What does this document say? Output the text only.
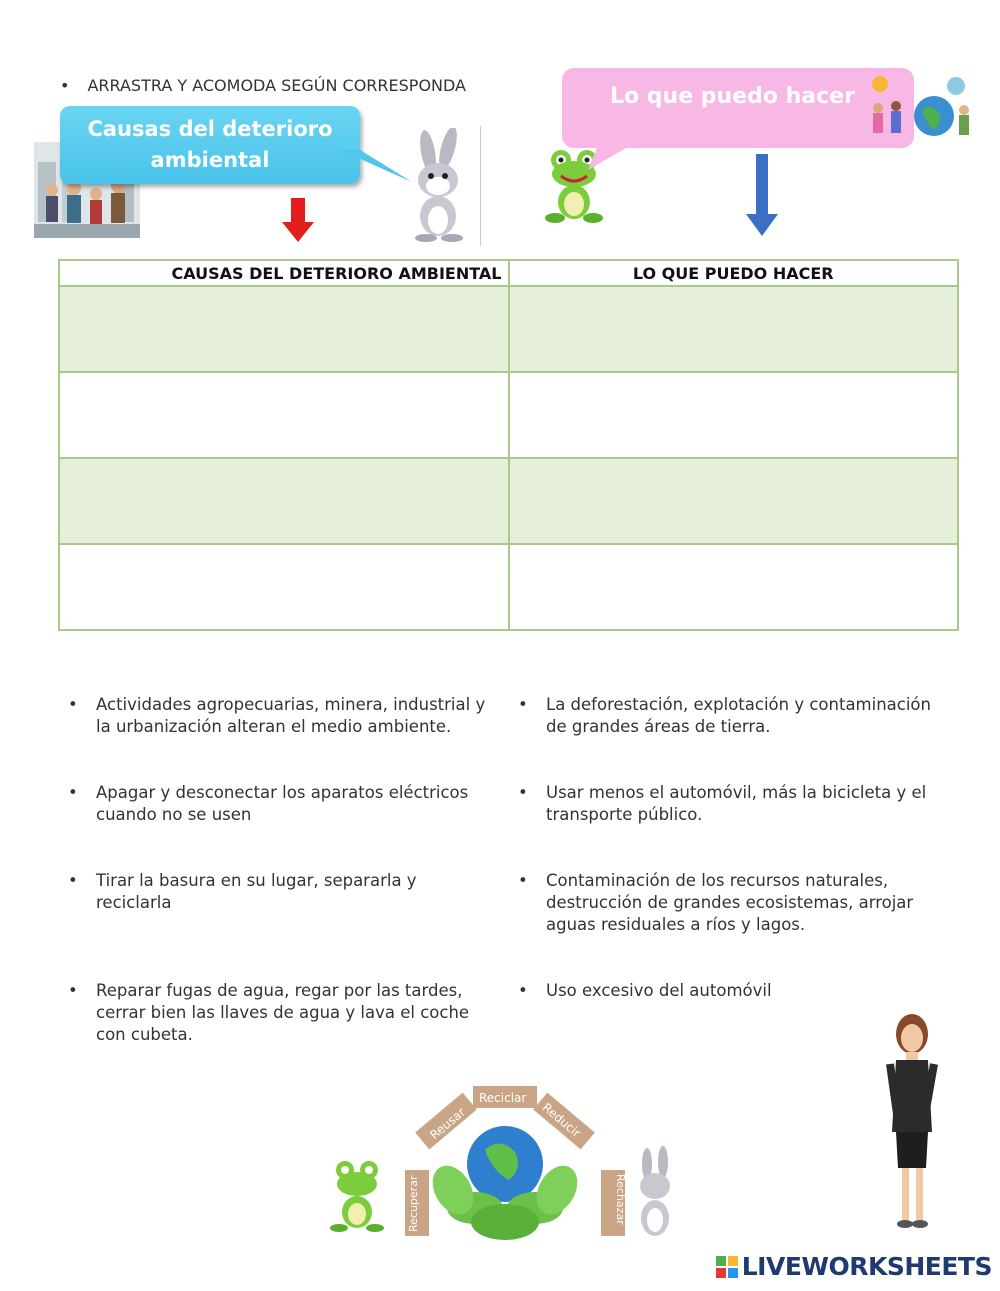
• ARRASTRA Y ACOMODA SEGÚN CORRESPONDA
Causas del deterioro
ambiental
Lo que puedo hacer
CAUSAS DEL DETERIORO AMBIENTAL	LO QUE PUEDO HACER

• Actividades agropecuarias, minera, industrial y la urbanización alteran el medio ambiente.
• La deforestación, explotación y contaminación de grandes áreas de tierra.
• Apagar y desconectar los aparatos eléctricos cuando no se usen
• Usar menos el automóvil, más la bicicleta y el transporte público.
• Tirar la basura en su lugar, separarla y reciclarla
• Contaminación de los recursos naturales, destrucción de grandes ecosistemas, arrojar aguas residuales a ríos y lagos.
• Reparar fugas de agua, regar por las tardes, cerrar bien las llaves de agua y lava el coche con cubeta.
• Uso excesivo del automóvil
Recuperar
Reusar
Reciclar
Reducir
Rechazar
LIVEWORKSHEETS
